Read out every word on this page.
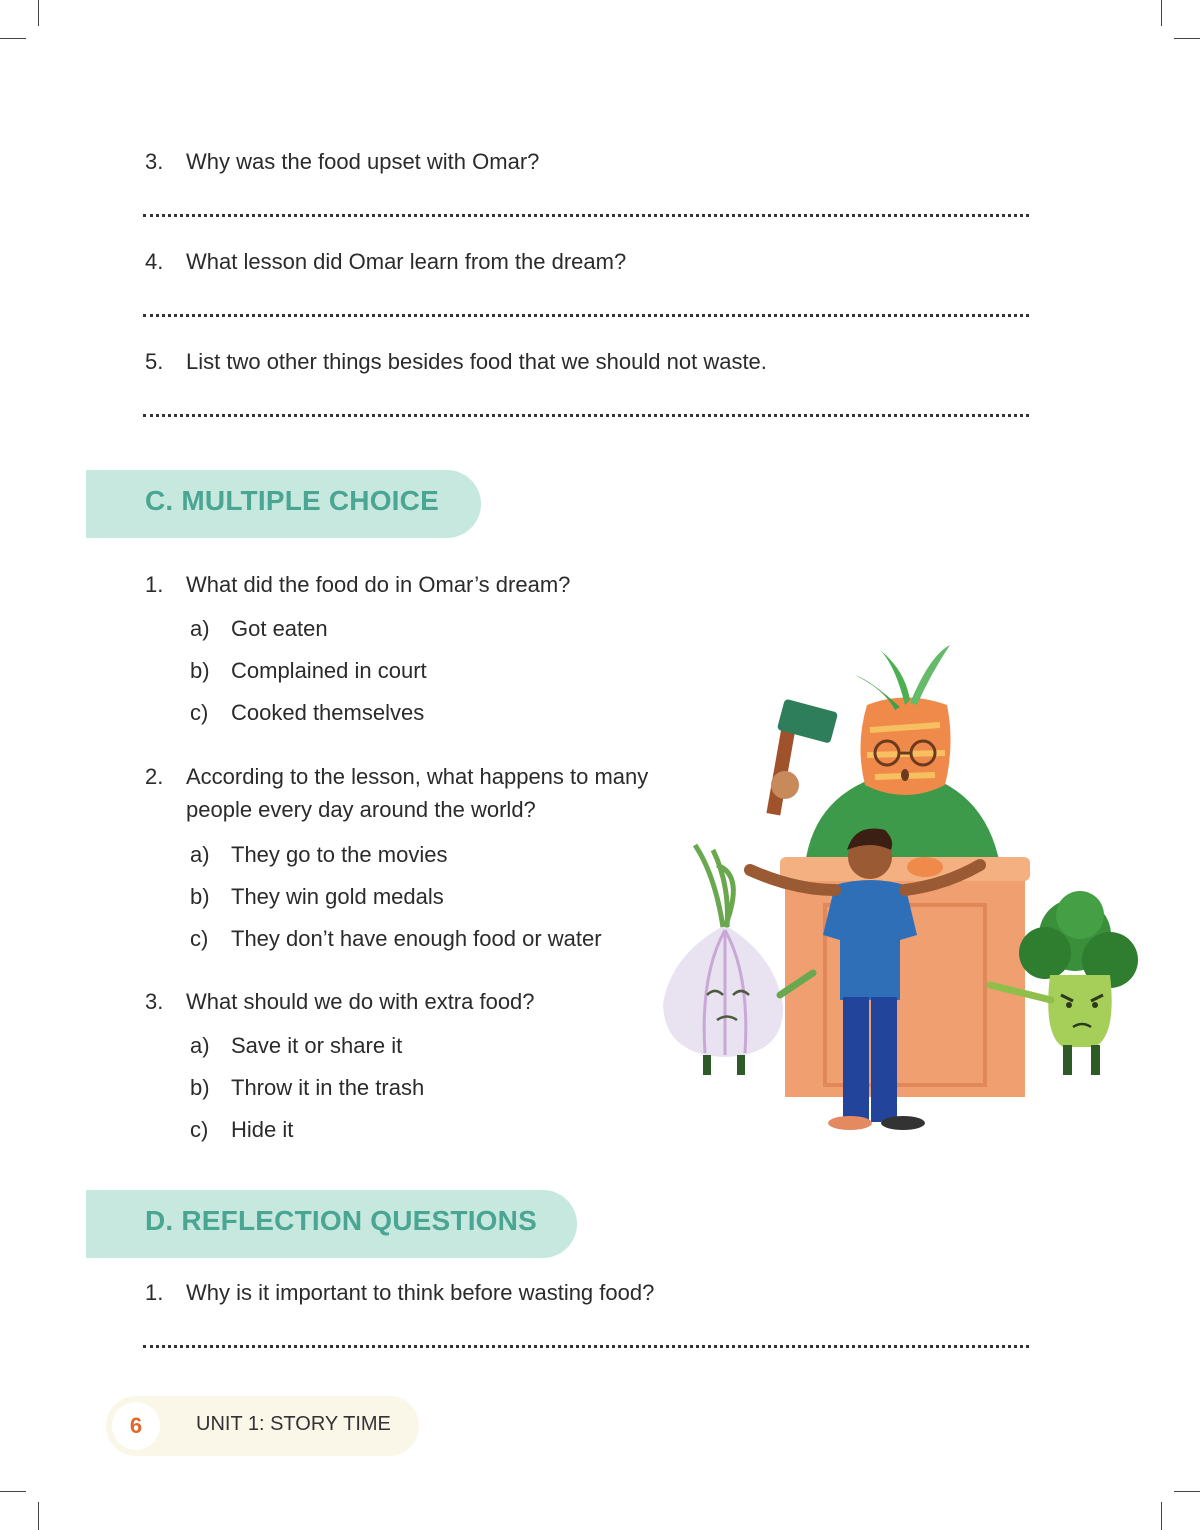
3. Why was the food upset with Omar?
4. What lesson did Omar learn from the dream?
5. List two other things besides food that we should not waste.
C. MULTIPLE CHOICE
1. What did the food do in Omar’s dream?
a) Got eaten
b) Complained in court
c) Cooked themselves
2. According to the lesson, what happens to many
people every day around the world?
a) They go to the movies
b) They win gold medals
c) They don’t have enough food or water
3. What should we do with extra food?
a) Save it or share it
b) Throw it in the trash
c) Hide it
D. REFLECTION QUESTIONS
1. Why is it important to think before wasting food?
6	UNIT 1: STORY TIME
